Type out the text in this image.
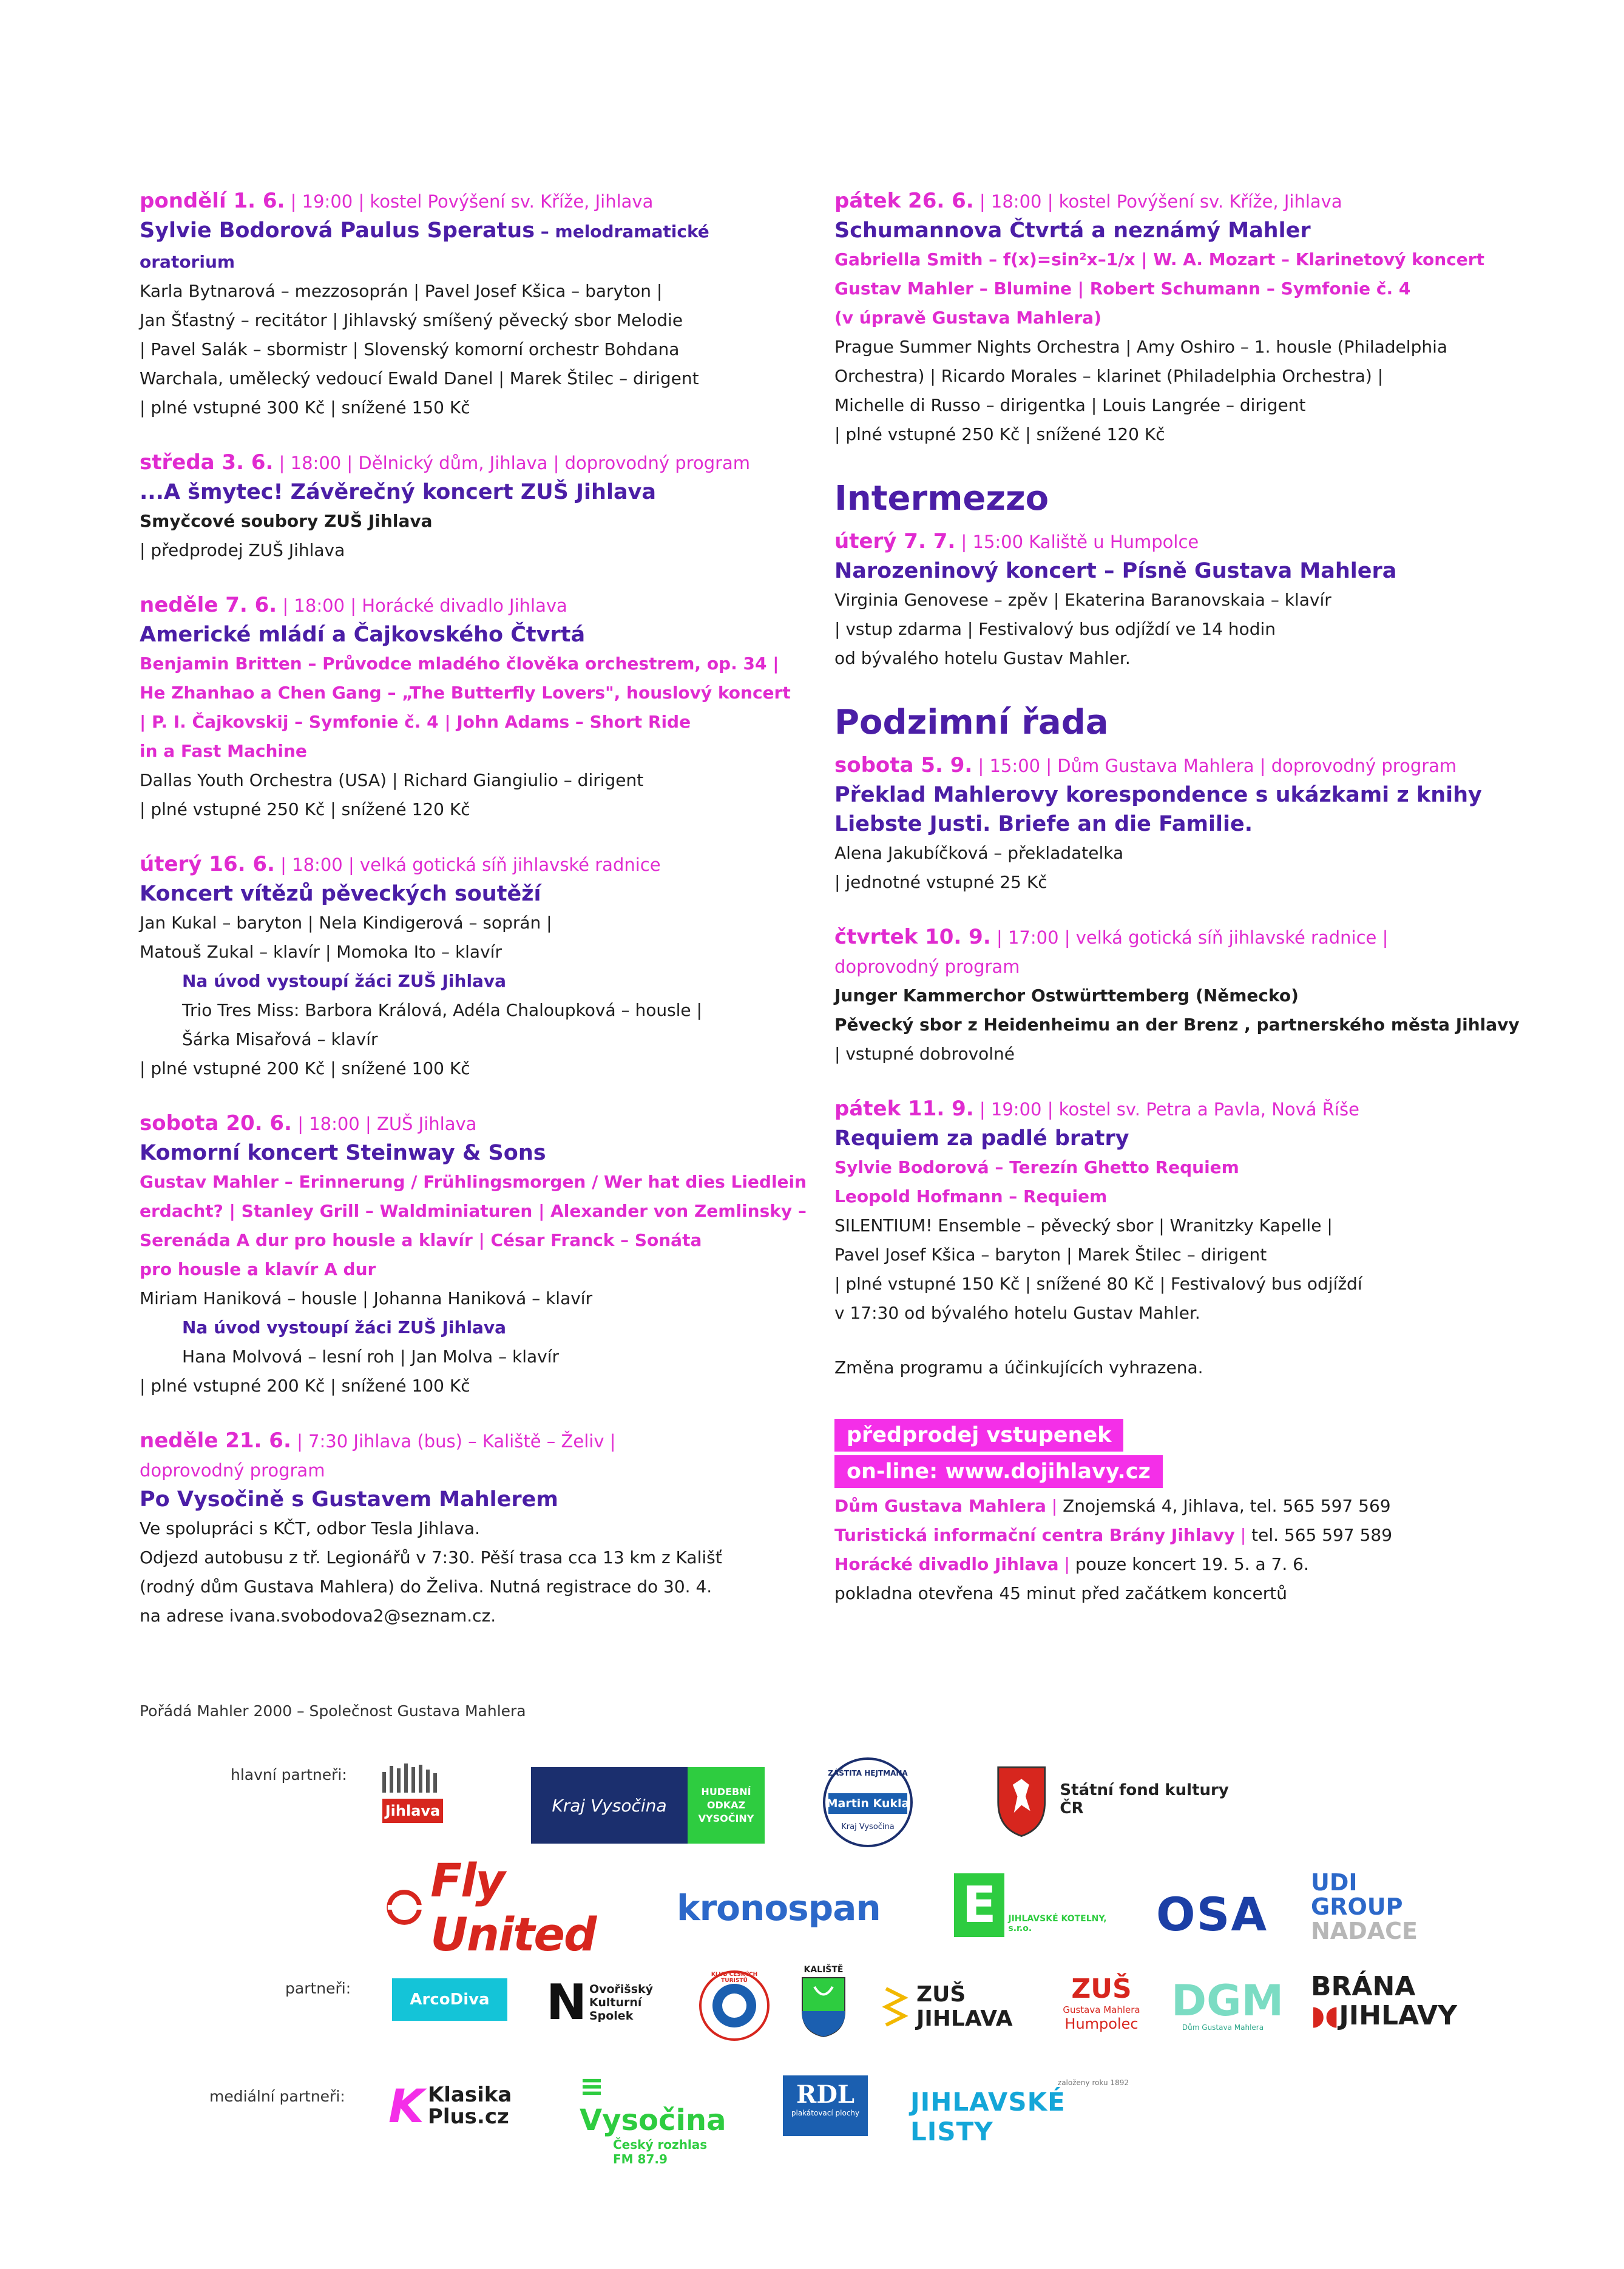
pondělí 1. 6. | 19:00 | kostel Povýšení sv. Kříže, Jihlava
Sylvie Bodorová Paulus Speratus – melodramatické oratorium
Karla Bytnarová – mezzosoprán | Pavel Josef Kšica – baryton |
Jan Šťastný – recitátor | Jihlavský smíšený pěvecký sbor Melodie
| Pavel Salák – sbormistr | Slovenský komorní orchestr Bohdana
Warchala, umělecký vedoucí Ewald Danel | Marek Štilec – dirigent
| plné vstupné 300 Kč | snížené 150 Kč
středa 3. 6. | 18:00 | Dělnický dům, Jihlava | doprovodný program
...A šmytec! Závěrečný koncert ZUŠ Jihlava
Smyčcové soubory ZUŠ Jihlava
| předprodej ZUŠ Jihlava
neděle 7. 6. | 18:00 | Horácké divadlo Jihlava
Americké mládí a Čajkovského Čtvrtá
Benjamin Britten – Průvodce mladého člověka orchestrem, op. 34 |
He Zhanhao a Chen Gang – „The Butterfly Lovers", houslový koncert
| P. I. Čajkovskij – Symfonie č. 4 | John Adams – Short Ride
in a Fast Machine
Dallas Youth Orchestra (USA) | Richard Giangiulio – dirigent
| plné vstupné 250 Kč | snížené 120 Kč
úterý 16. 6. | 18:00 | velká gotická síň jihlavské radnice
Koncert vítězů pěveckých soutěží
Jan Kukal – baryton | Nela Kindigerová – soprán |
Matouš Zukal – klavír | Momoka Ito – klavír
Na úvod vystoupí žáci ZUŠ Jihlava
Trio Tres Miss: Barbora Králová, Adéla Chaloupková – housle |
Šárka Misařová – klavír
| plné vstupné 200 Kč | snížené 100 Kč
sobota 20. 6. | 18:00 | ZUŠ Jihlava
Komorní koncert Steinway & Sons
Gustav Mahler – Erinnerung / Frühlingsmorgen / Wer hat dies Liedlein
erdacht? | Stanley Grill – Waldminiaturen | Alexander von Zemlinsky –
Serenáda A dur pro housle a klavír | César Franck – Sonáta
pro housle a klavír A dur
Miriam Haniková – housle | Johanna Haniková – klavír
Na úvod vystoupí žáci ZUŠ Jihlava
Hana Molvová – lesní roh | Jan Molva – klavír
| plné vstupné 200 Kč | snížené 100 Kč
neděle 21. 6. | 7:30 Jihlava (bus) – Kaliště – Želiv |
doprovodný program
Po Vysočině s Gustavem Mahlerem
Ve spolupráci s KČT, odbor Tesla Jihlava.
Odjezd autobusu z tř. Legionářů v 7:30. Pěší trasa cca 13 km z Kališť
(rodný dům Gustava Mahlera) do Želiva. Nutná registrace do 30. 4.
na adrese ivana.svobodova2@seznam.cz.
pátek 26. 6. | 18:00 | kostel Povýšení sv. Kříže, Jihlava
Schumannova Čtvrtá a neznámý Mahler
Gabriella Smith – f(x)=sin²x–1/x | W. A. Mozart – Klarinetový koncert
Gustav Mahler – Blumine | Robert Schumann – Symfonie č. 4
(v úpravě Gustava Mahlera)
Prague Summer Nights Orchestra | Amy Oshiro – 1. housle (Philadelphia
Orchestra) | Ricardo Morales – klarinet (Philadelphia Orchestra) |
Michelle di Russo – dirigentka | Louis Langrée – dirigent
| plné vstupné 250 Kč | snížené 120 Kč
Intermezzo
úterý 7. 7. | 15:00 Kaliště u Humpolce
Narozeninový koncert – Písně Gustava Mahlera
Virginia Genovese – zpěv | Ekaterina Baranovskaia – klavír
| vstup zdarma | Festivalový bus odjíždí ve 14 hodin
od bývalého hotelu Gustav Mahler.
Podzimní řada
sobota 5. 9. | 15:00 | Dům Gustava Mahlera | doprovodný program
Překlad Mahlerovy korespondence s ukázkami z knihy
Liebste Justi. Briefe an die Familie.
Alena Jakubíčková – překladatelka
| jednotné vstupné 25 Kč
čtvrtek 10. 9. | 17:00 | velká gotická síň jihlavské radnice |
doprovodný program
Junger Kammerchor Ostwürttemberg (Německo)
Pěvecký sbor z Heidenheimu an der Brenz , partnerského města Jihlavy
| vstupné dobrovolné
pátek 11. 9. | 19:00 | kostel sv. Petra a Pavla, Nová Říše
Requiem za padlé bratry
Sylvie Bodorová – Terezín Ghetto Requiem
Leopold Hofmann – Requiem
SILENTIUM! Ensemble – pěvecký sbor | Wranitzky Kapelle |
Pavel Josef Kšica – baryton | Marek Štilec – dirigent
| plné vstupné 150 Kč | snížené 80 Kč | Festivalový bus odjíždí
v 17:30 od bývalého hotelu Gustav Mahler.
Změna programu a účinkujících vyhrazena.
předprodej vstupenek
on-line: www.dojihlavy.cz
Dům Gustava Mahlera | Znojemská 4, Jihlava, tel. 565 597 569
Turistická informační centra Brány Jihlavy | tel. 565 597 589
Horácké divadlo Jihlava | pouze koncert 19. 5. a 7. 6.
pokladna otevřena 45 minut před začátkem koncertů
Pořádá Mahler 2000 – Společnost Gustava Mahlera
hlavní partneři:
partneři:
mediální partneři:
Jihlava	Kraj Vysočina
HUDEBNÍ ODKAZ VYSOČINY
ZÁŠTITA HEJTMANA
Martin Kukla
Kraj Vysočina
Státní fond kultury ČR
Fly United	kronospan	E	JIHLAVSKÉ KOTELNY, s.r.o.	OSA
UDI
GROUP
NADACE
ArcoDiva	N Ovořišský
Kulturní
Spolek
KLUB ČESKÝCH TURISTŮ
KALIŠTĚ
ZUŠ
JIHLAVA
ZUŠ
Gustava Mahlera
Humpolec DGM
Dům Gustava Mahlera
BRÁNA
◗◖JIHLAVY
K Klasika
Plus.cz
≡ Vysočina
Český rozhlas
FM 87.9
RDL
plakátovací plochy
založeny roku 1892
JIHLAVSKÉ LISTY
